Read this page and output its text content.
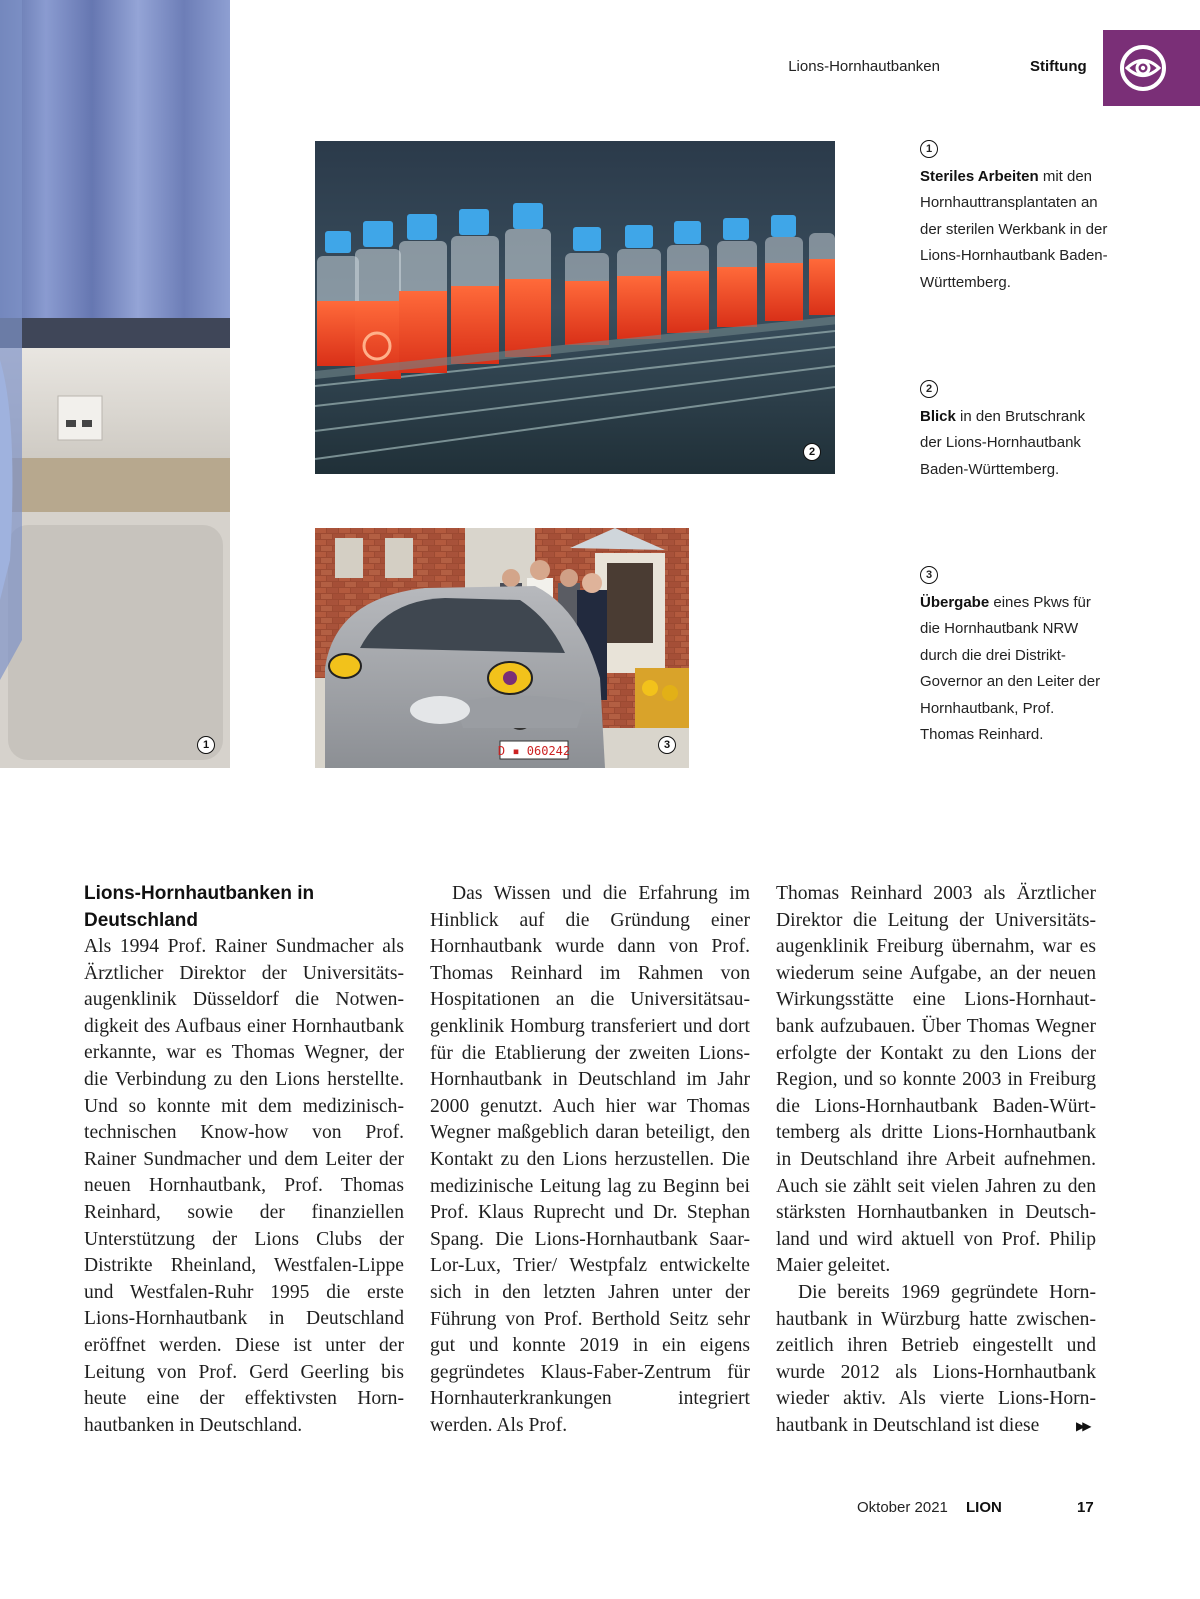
Lions-Hornhautbanken	Stiftung
1
2
D ▪ 060242	3
1
Steriles Arbeiten mit den Hornhauttransplantaten an der sterilen Werkbank in der Lions-Hornhautbank Baden-Württemberg.
2
Blick in den Brutschrank der Lions-Hornhautbank Baden-Württemberg.
3
Übergabe eines Pkws für die Hornhautbank NRW durch die drei Distrikt-Governor an den Leiter der Hornhautbank, Prof. Thomas Reinhard.
Lions-Hornhautbanken in Deutschland

Als 1994 Prof. Rainer Sundmacher als Ärztlicher Direktor der Universitätsaugenklinik Düsseldorf die Notwendigkeit des Aufbaus einer Hornhautbank erkannte, war es Thomas Wegner, der die Verbindung zu den Lions herstellte. Und so konnte mit dem medizinisch-technischen Know-how von Prof. Rainer Sundmacher und dem Leiter der neuen Hornhautbank, Prof. Thomas Reinhard, sowie der finanziellen Unterstützung der Lions Clubs der Distrikte Rheinland, Westfalen-Lippe und Westfalen-Ruhr 1995 die erste Lions-Hornhautbank in Deutschland eröffnet werden. Diese ist unter der Leitung von Prof. Gerd Geerling bis heute eine der effektivsten Hornhautbanken in Deutschland.

Das Wissen und die Erfahrung im Hinblick auf die Gründung einer Hornhautbank wurde dann von Prof. Thomas Reinhard im Rahmen von Hospitationen an die Universitätsaugenklinik Homburg transferiert und dort für die Etablierung der zweiten Lions-Hornhautbank in Deutschland im Jahr 2000 genutzt. Auch hier war Thomas Wegner maßgeblich daran beteiligt, den Kontakt zu den Lions herzustellen. Die medizinische Leitung lag zu Beginn bei Prof. Klaus Ruprecht und Dr. Stephan Spang. Die Lions-Hornhautbank Saar-Lor-Lux, Trier/ Westpfalz entwickelte sich in den letzten Jahren unter der Führung von Prof. Berthold Seitz sehr gut und konnte 2019 in ein eigens gegründetes Klaus-Faber-Zentrum für Hornhauterkrankungen integriert werden. Als Prof.

Thomas Reinhard 2003 als Ärztlicher Direktor die Leitung der Universitätsaugenklinik Freiburg übernahm, war es wiederum seine Aufgabe, an der neuen Wirkungsstätte eine Lions-Hornhautbank aufzubauen. Über Thomas Wegner erfolgte der Kontakt zu den Lions der Region, und so konnte 2003 in Freiburg die Lions-Hornhautbank Baden-Württemberg als dritte Lions-Hornhautbank in Deutschland ihre Arbeit aufnehmen. Auch sie zählt seit vielen Jahren zu den stärksten Hornhautbanken in Deutschland und wird aktuell von Prof. Philip Maier geleitet.

Die bereits 1969 gegründete Hornhautbank in Würzburg hatte zwischenzeitlich ihren Betrieb eingestellt und wurde 2012 als Lions-Hornhautbank wieder aktiv. Als vierte Lions-Hornhautbank in Deutschland ist diese	▶▶
Oktober 2021 LION	17
